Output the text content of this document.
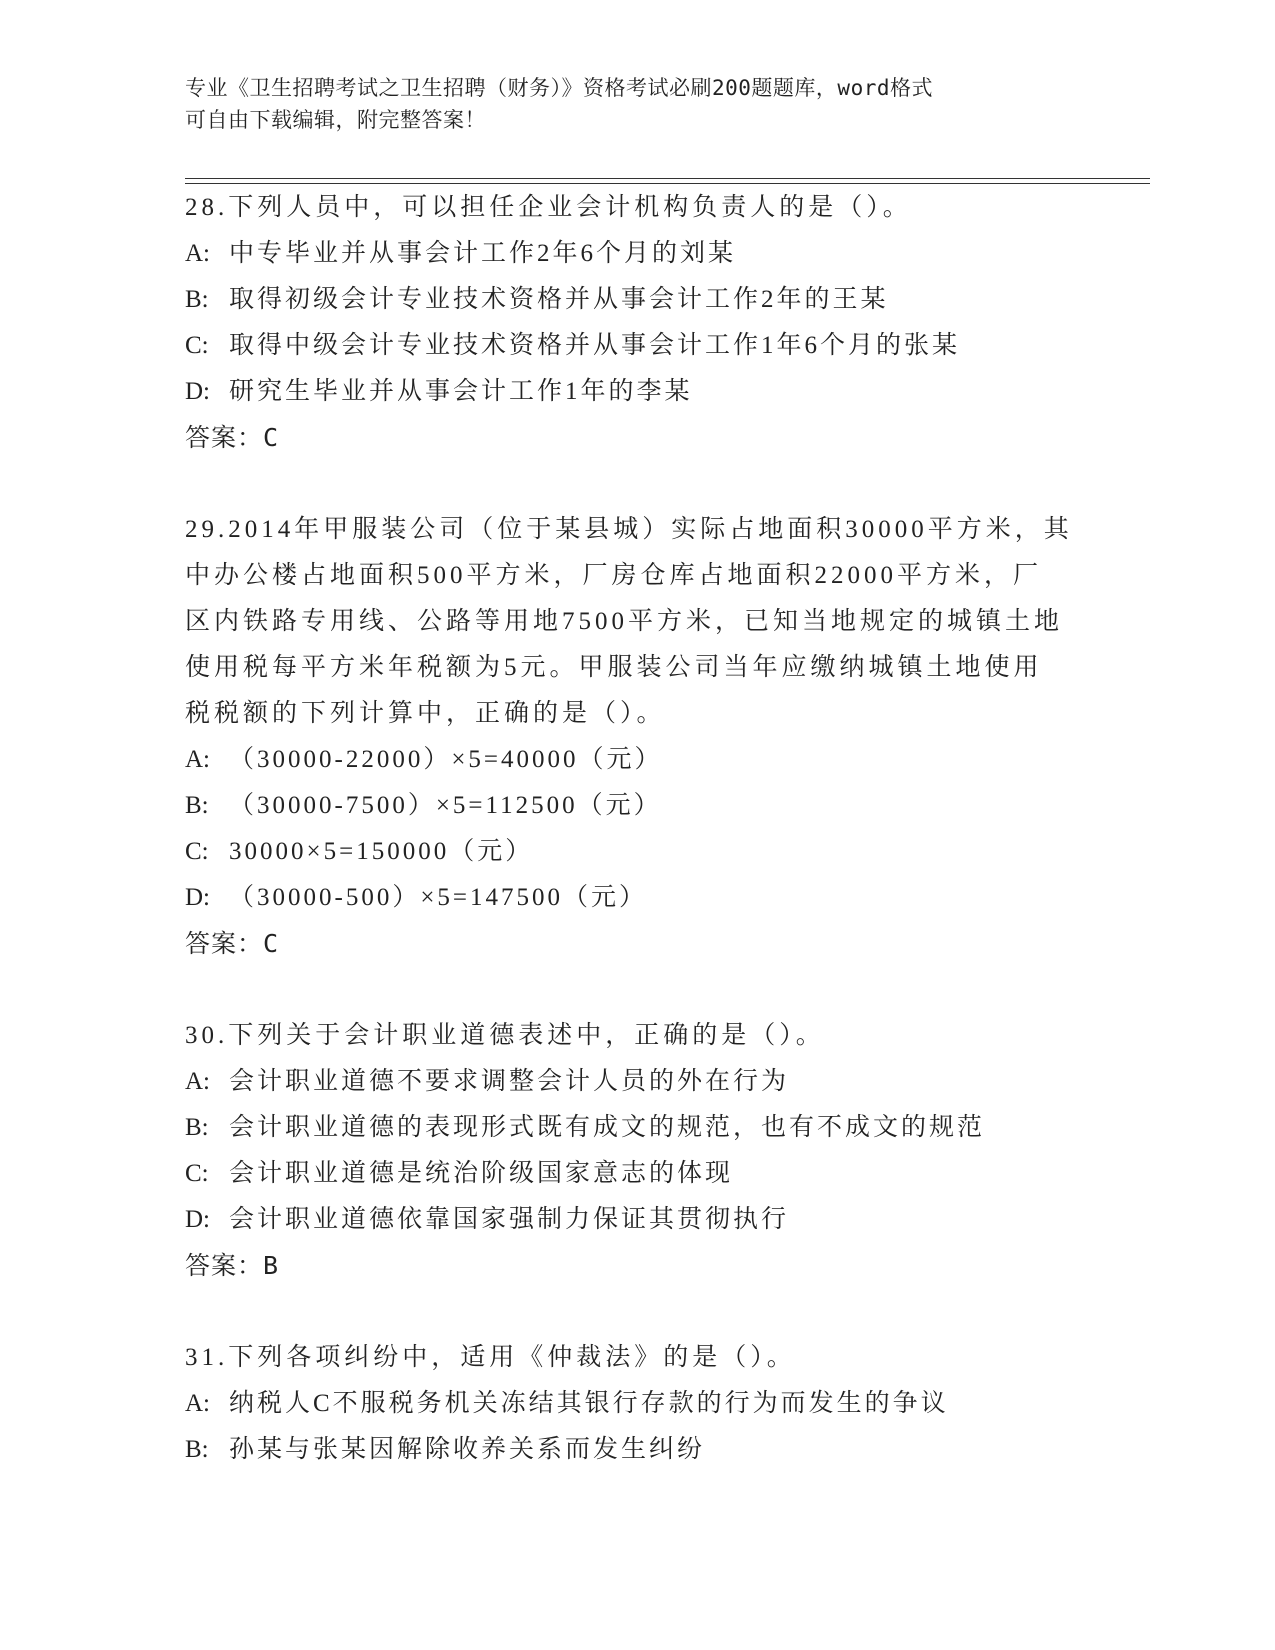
专业《卫生招聘考试之卫生招聘（财务）》资格考试必刷200题题库，word格式
可自由下载编辑，附完整答案！
28.下列人员中，可以担任企业会计机构负责人的是（）。
A: 中专毕业并从事会计工作2年6个月的刘某
B: 取得初级会计专业技术资格并从事会计工作2年的王某
C: 取得中级会计专业技术资格并从事会计工作1年6个月的张某
D: 研究生毕业并从事会计工作1年的李某
答案：C
29.2014年甲服装公司（位于某县城）实际占地面积30000平方米，其
中办公楼占地面积500平方米，厂房仓库占地面积22000平方米，厂
区内铁路专用线、公路等用地7500平方米，已知当地规定的城镇土地
使用税每平方米年税额为5元。甲服装公司当年应缴纳城镇土地使用
税税额的下列计算中，正确的是（）。
A: （30000-22000）×5=40000（元）
B: （30000-7500）×5=112500（元）
C: 30000×5=150000（元）
D: （30000-500）×5=147500（元）
答案：C
30.下列关于会计职业道德表述中，正确的是（）。
A: 会计职业道德不要求调整会计人员的外在行为
B: 会计职业道德的表现形式既有成文的规范，也有不成文的规范
C: 会计职业道德是统治阶级国家意志的体现
D: 会计职业道德依靠国家强制力保证其贯彻执行
答案：B
31.下列各项纠纷中，适用《仲裁法》的是（）。
A: 纳税人C不服税务机关冻结其银行存款的行为而发生的争议
B: 孙某与张某因解除收养关系而发生纠纷
